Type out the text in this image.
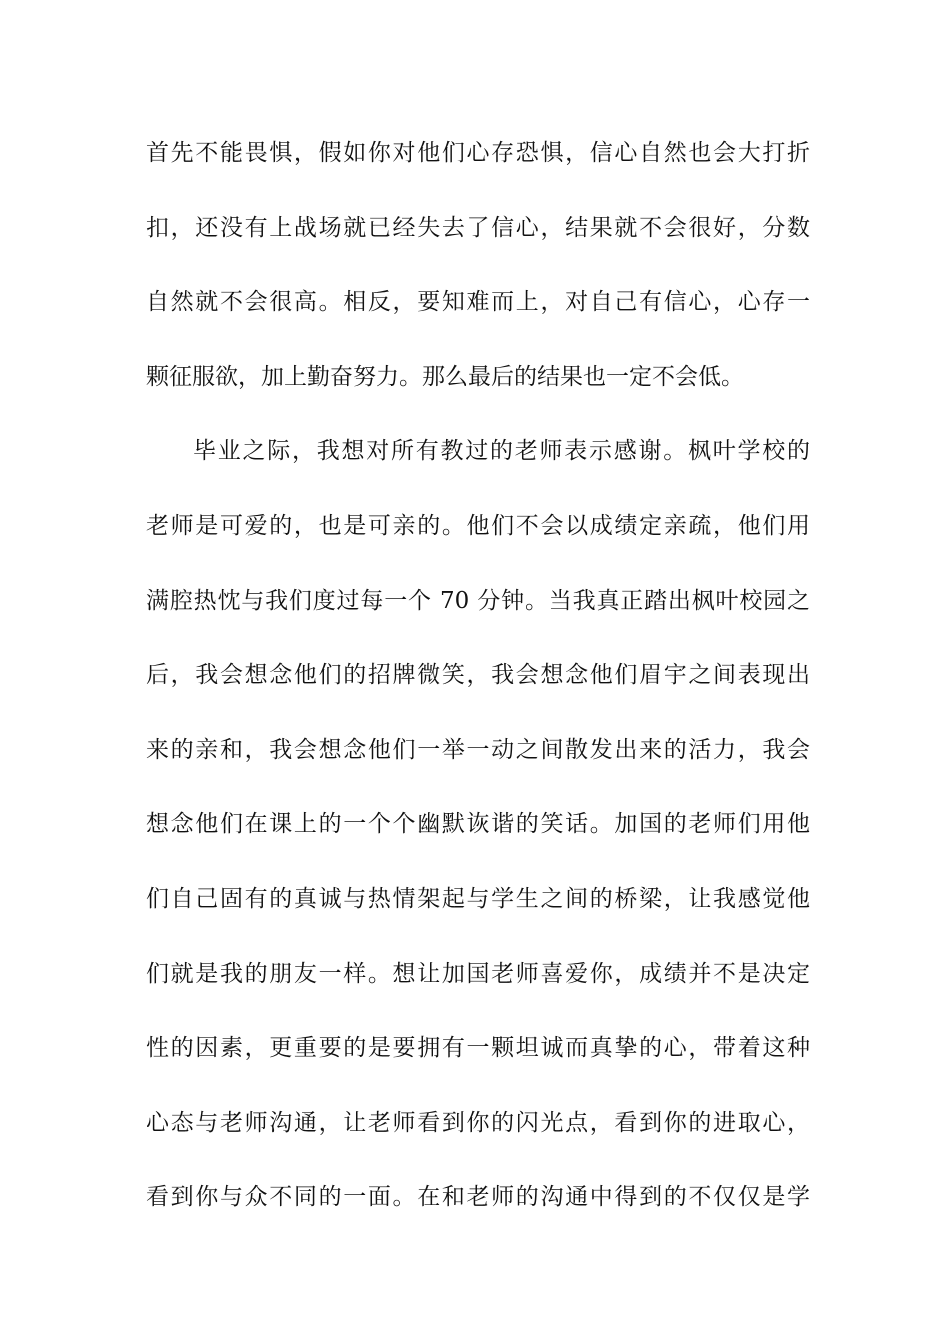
首先不能畏惧，假如你对他们心存恐惧，信心自然也会大打折
扣，还没有上战场就已经失去了信心，结果就不会很好，分数
自然就不会很高。相反，要知难而上，对自己有信心，心存一
颗征服欲，加上勤奋努力。那么最后的结果也一定不会低。
毕业之际，我想对所有教过的老师表示感谢。枫叶学校的
老师是可爱的，也是可亲的。他们不会以成绩定亲疏，他们用
满腔热忱与我们度过每一个 70 分钟。当我真正踏出枫叶校园之
后，我会想念他们的招牌微笑，我会想念他们眉宇之间表现出
来的亲和，我会想念他们一举一动之间散发出来的活力，我会
想念他们在课上的一个个幽默诙谐的笑话。加国的老师们用他
们自己固有的真诚与热情架起与学生之间的桥梁，让我感觉他
们就是我的朋友一样。想让加国老师喜爱你，成绩并不是决定
性的因素，更重要的是要拥有一颗坦诚而真挚的心，带着这种
心态与老师沟通，让老师看到你的闪光点，看到你的进取心，
看到你与众不同的一面。在和老师的沟通中得到的不仅仅是学
